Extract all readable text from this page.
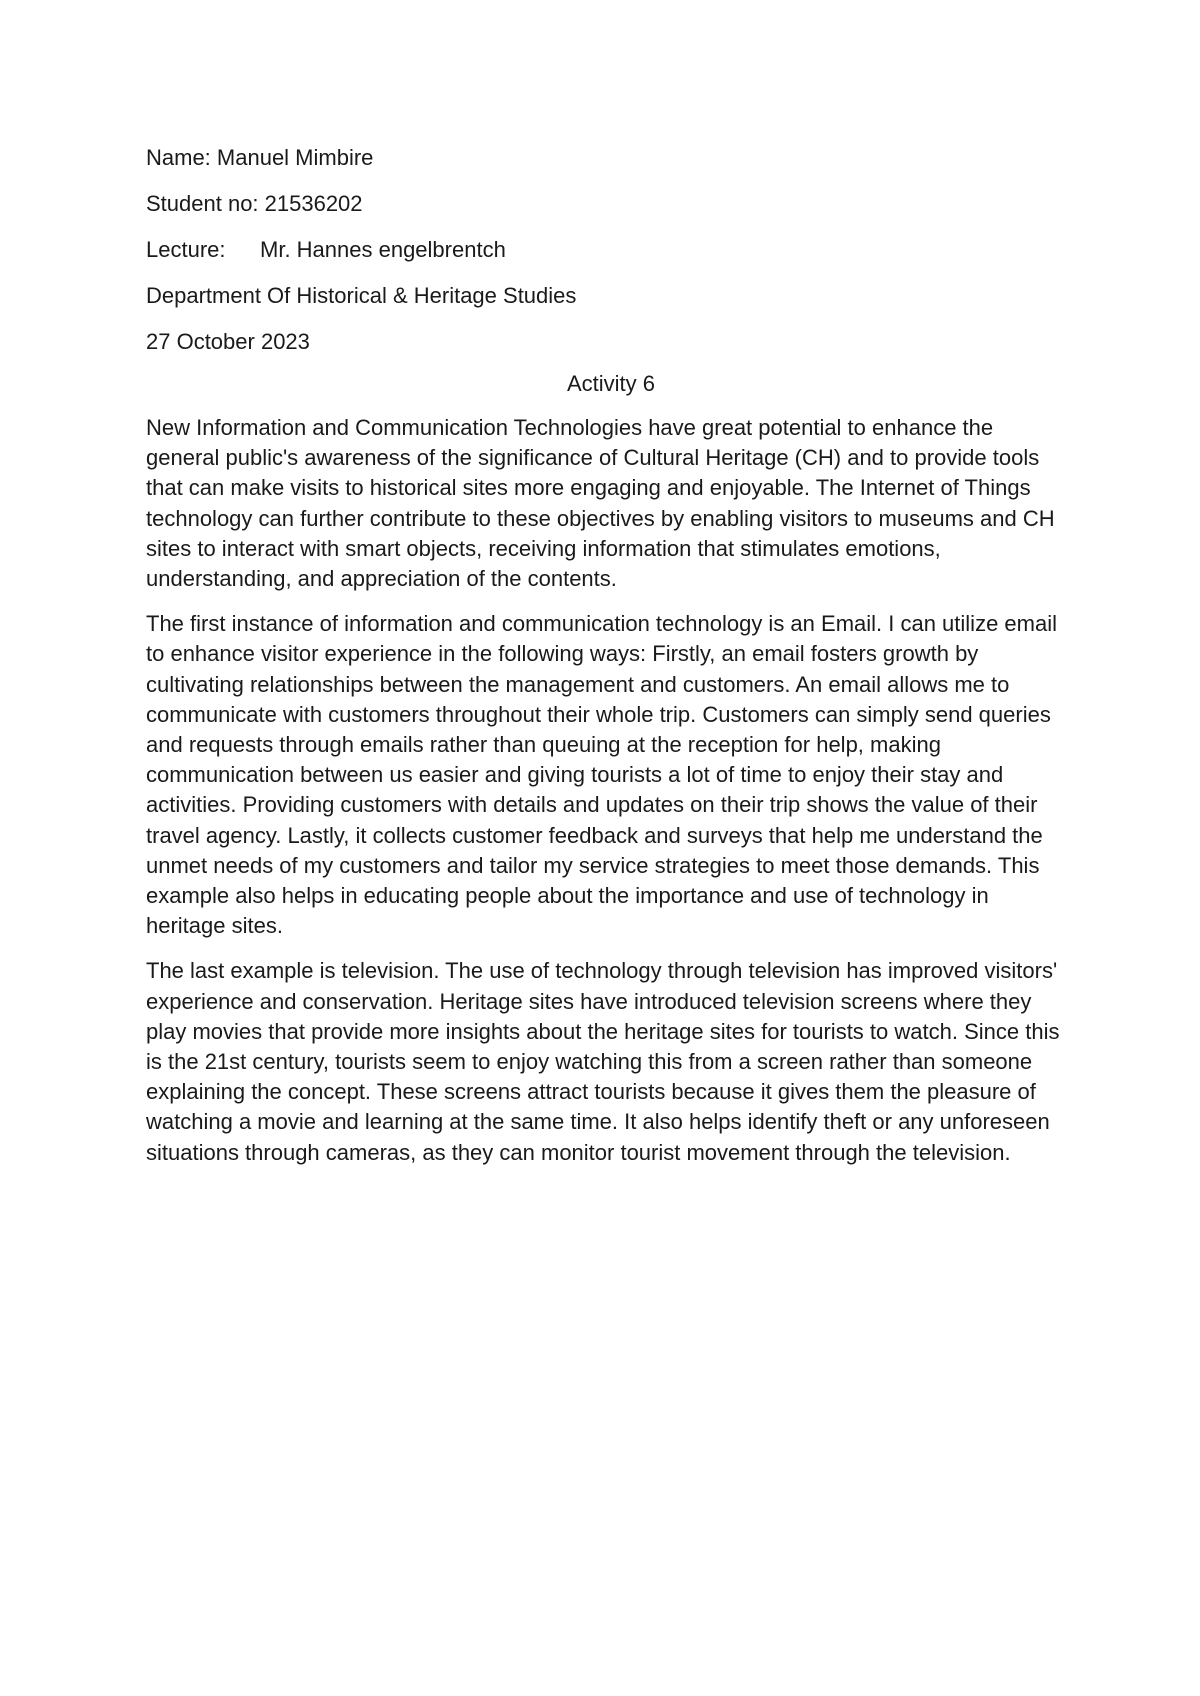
Name: Manuel Mimbire

Student no: 21536202

Lecture: Mr. Hannes engelbrentch

Department Of Historical & Heritage Studies

27 October 2023

Activity 6

New Information and Communication Technologies have great potential to enhance the general public's awareness of the significance of Cultural Heritage (CH) and to provide tools that can make visits to historical sites more engaging and enjoyable. The Internet of Things technology can further contribute to these objectives by enabling visitors to museums and CH sites to interact with smart objects, receiving information that stimulates emotions, understanding, and appreciation of the contents.

The first instance of information and communication technology is an Email. I can utilize email to enhance visitor experience in the following ways: Firstly, an email fosters growth by cultivating relationships between the management and customers. An email allows me to communicate with customers throughout their whole trip. Customers can simply send queries and requests through emails rather than queuing at the reception for help, making communication between us easier and giving tourists a lot of time to enjoy their stay and activities. Providing customers with details and updates on their trip shows the value of their travel agency. Lastly, it collects customer feedback and surveys that help me understand the unmet needs of my customers and tailor my service strategies to meet those demands. This example also helps in educating people about the importance and use of technology in heritage sites.

The last example is television. The use of technology through television has improved visitors' experience and conservation. Heritage sites have introduced television screens where they play movies that provide more insights about the heritage sites for tourists to watch. Since this is the 21st century, tourists seem to enjoy watching this from a screen rather than someone explaining the concept. These screens attract tourists because it gives them the pleasure of watching a movie and learning at the same time. It also helps identify theft or any unforeseen situations through cameras, as they can monitor tourist movement through the television.
